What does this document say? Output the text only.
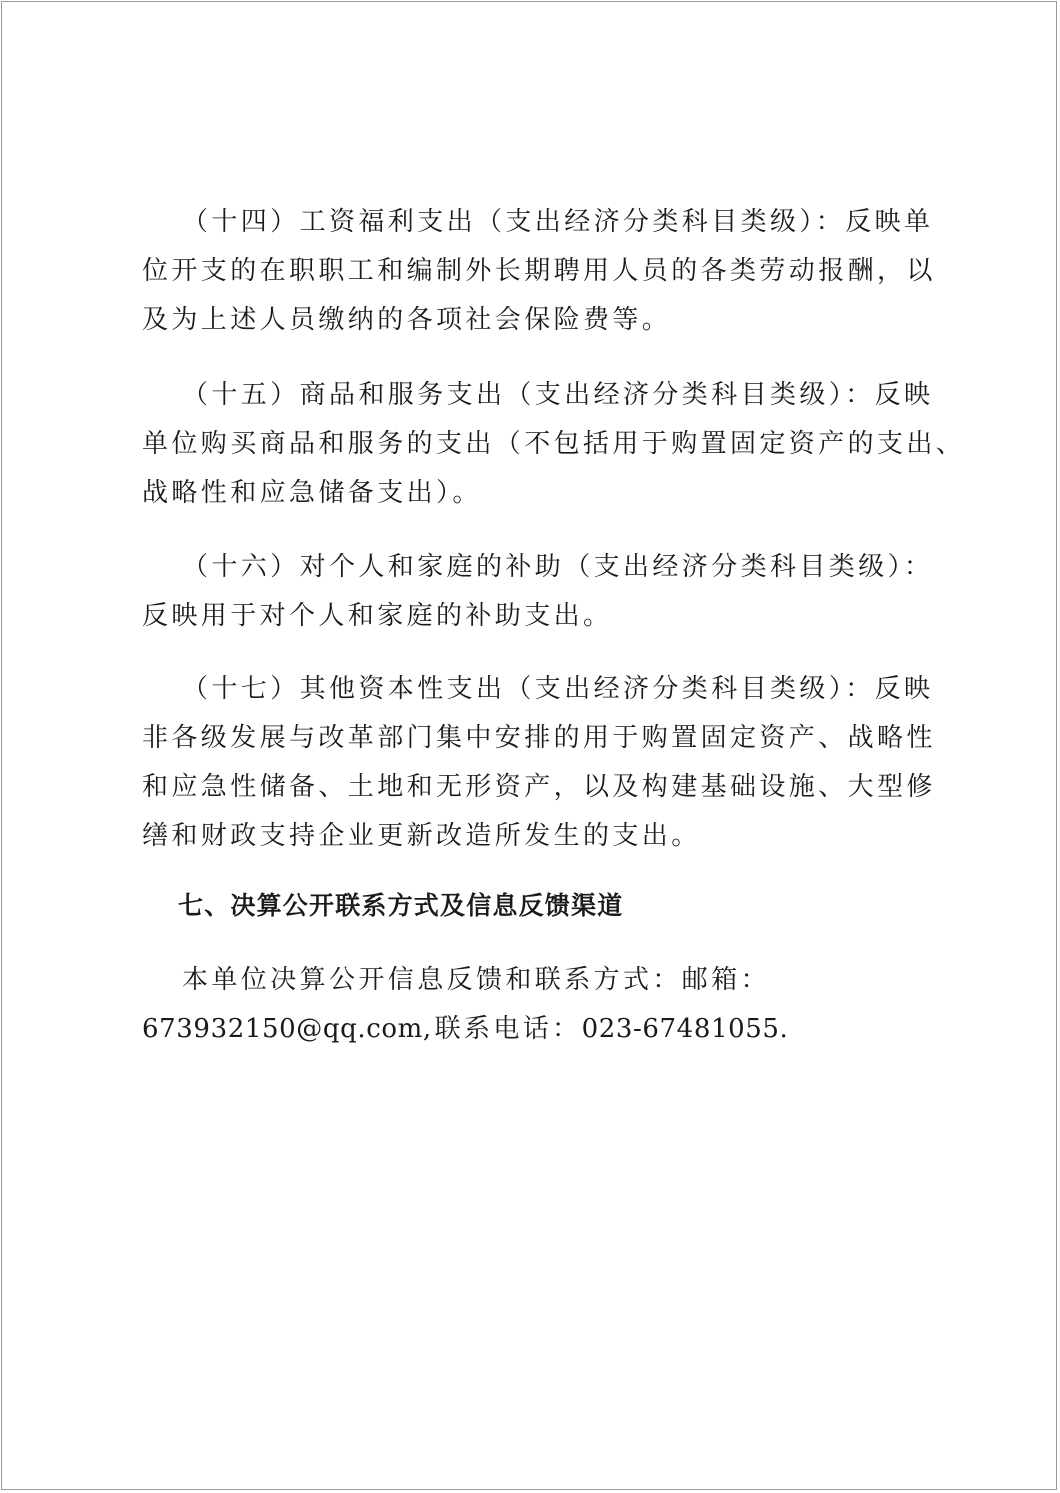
（十四）工资福利支出（支出经济分类科目类级）：反映单
位开支的在职职工和编制外长期聘用人员的各类劳动报酬，以
及为上述人员缴纳的各项社会保险费等。

（十五）商品和服务支出（支出经济分类科目类级）：反映
单位购买商品和服务的支出（不包括用于购置固定资产的支出、
战略性和应急储备支出）。

（十六）对个人和家庭的补助（支出经济分类科目类级）：
反映用于对个人和家庭的补助支出。

（十七）其他资本性支出（支出经济分类科目类级）：反映
非各级发展与改革部门集中安排的用于购置固定资产、战略性
和应急性储备、土地和无形资产，以及构建基础设施、大型修
缮和财政支持企业更新改造所发生的支出。

七、决算公开联系方式及信息反馈渠道

本单位决算公开信息反馈和联系方式：邮箱：
673932150@qq.com,联系电话：023-67481055.
